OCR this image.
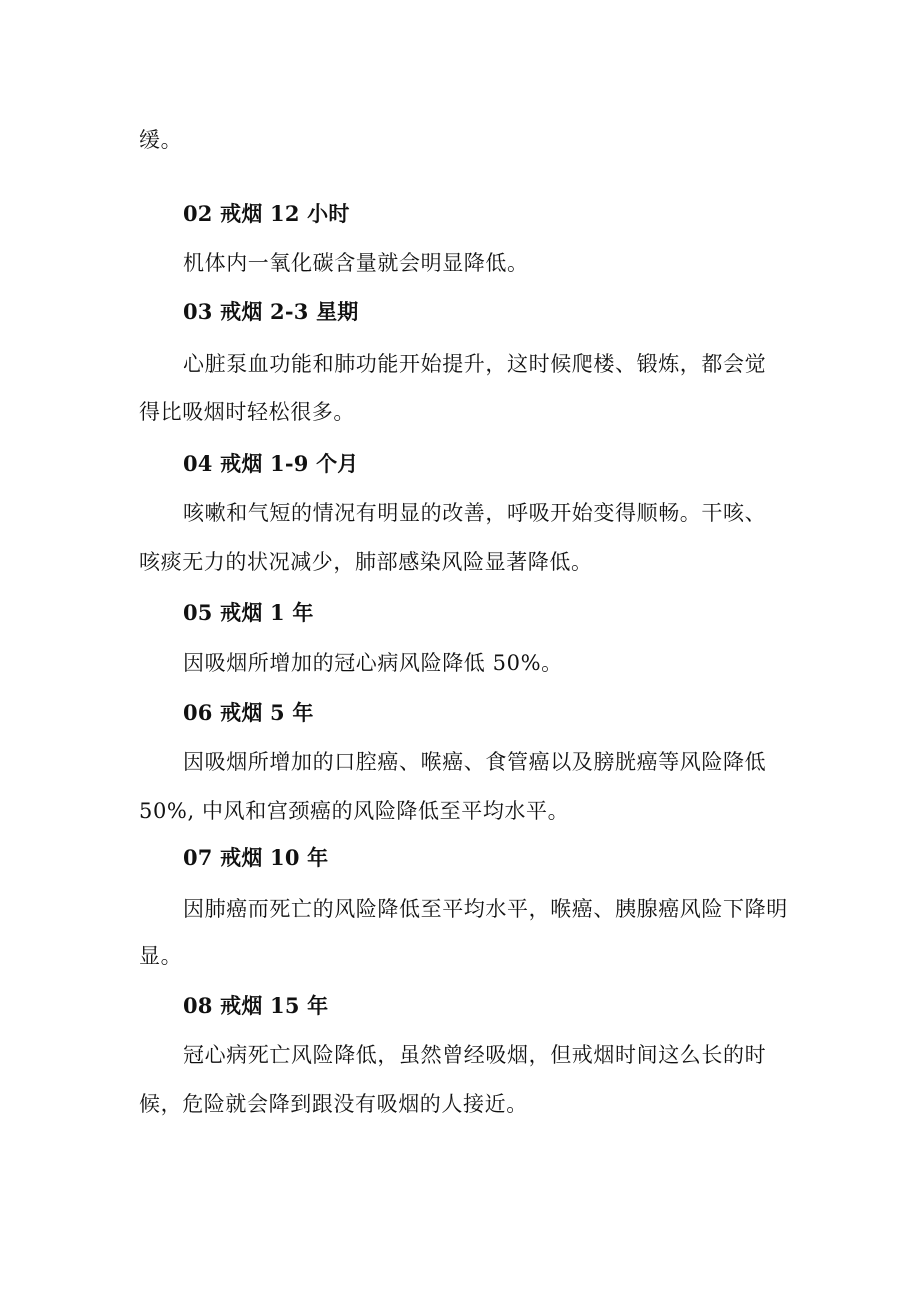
缓。
02 戒烟 12 小时
机体内一氧化碳含量就会明显降低。
03 戒烟 2-3 星期
心脏泵血功能和肺功能开始提升，这时候爬楼、锻炼，都会觉
得比吸烟时轻松很多。
04 戒烟 1-9 个月
咳嗽和气短的情况有明显的改善，呼吸开始变得顺畅。干咳、
咳痰无力的状况减少，肺部感染风险显著降低。
05 戒烟 1 年
因吸烟所增加的冠心病风险降低 50%。
06 戒烟 5 年
因吸烟所增加的口腔癌、喉癌、食管癌以及膀胱癌等风险降低
50%, 中风和宫颈癌的风险降低至平均水平。
07 戒烟 10 年
因肺癌而死亡的风险降低至平均水平，喉癌、胰腺癌风险下降明
显。
08 戒烟 15 年
冠心病死亡风险降低，虽然曾经吸烟，但戒烟时间这么长的时
候，危险就会降到跟没有吸烟的人接近。
